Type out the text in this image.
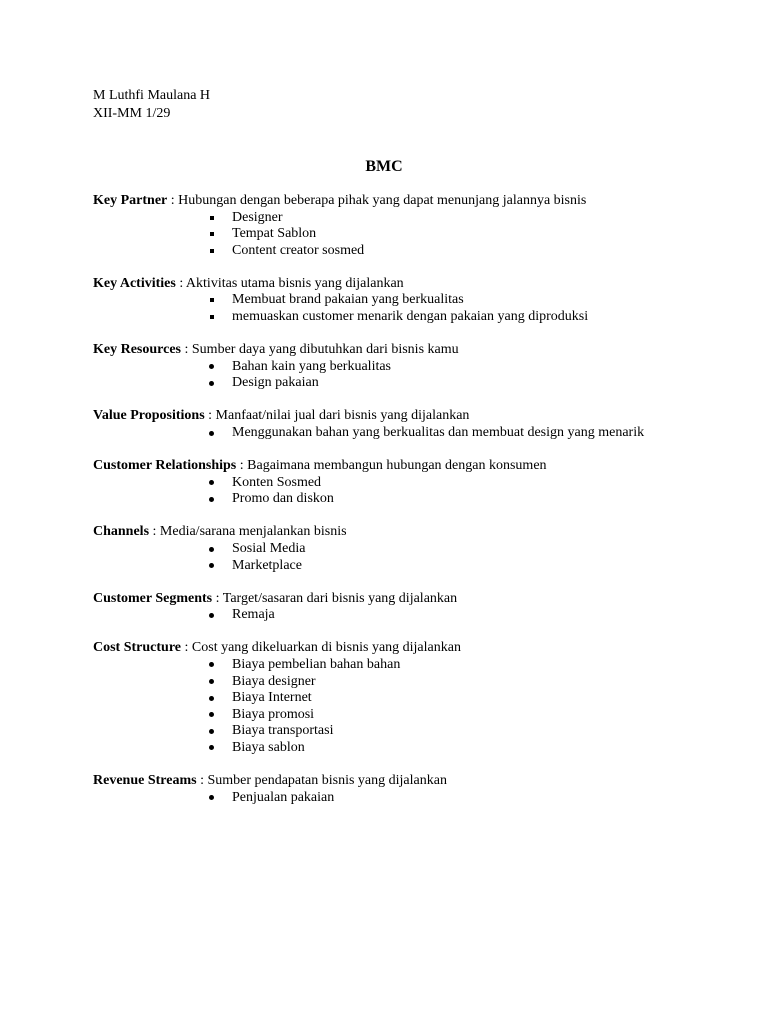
M Luthfi Maulana H
XII-MM 1/29
BMC
Key Partner : Hubungan dengan beberapa pihak yang dapat menunjang jalannya bisnis
Designer
Tempat Sablon
Content creator sosmed
Key Activities : Aktivitas utama bisnis yang dijalankan
Membuat brand pakaian yang berkualitas
memuaskan customer menarik dengan pakaian yang diproduksi
Key Resources : Sumber daya yang dibutuhkan dari bisnis kamu
Bahan kain yang berkualitas
Design pakaian
Value Propositions : Manfaat/nilai jual dari bisnis yang dijalankan
Menggunakan bahan yang berkualitas dan membuat design yang menarik
Customer Relationships : Bagaimana membangun hubungan dengan konsumen
Konten Sosmed
Promo dan diskon
Channels : Media/sarana menjalankan bisnis
Sosial Media
Marketplace
Customer Segments : Target/sasaran dari bisnis yang dijalankan
Remaja
Cost Structure : Cost yang dikeluarkan di bisnis yang dijalankan
Biaya pembelian bahan bahan
Biaya designer
Biaya Internet
Biaya promosi
Biaya transportasi
Biaya sablon
Revenue Streams : Sumber pendapatan bisnis yang dijalankan
Penjualan pakaian
